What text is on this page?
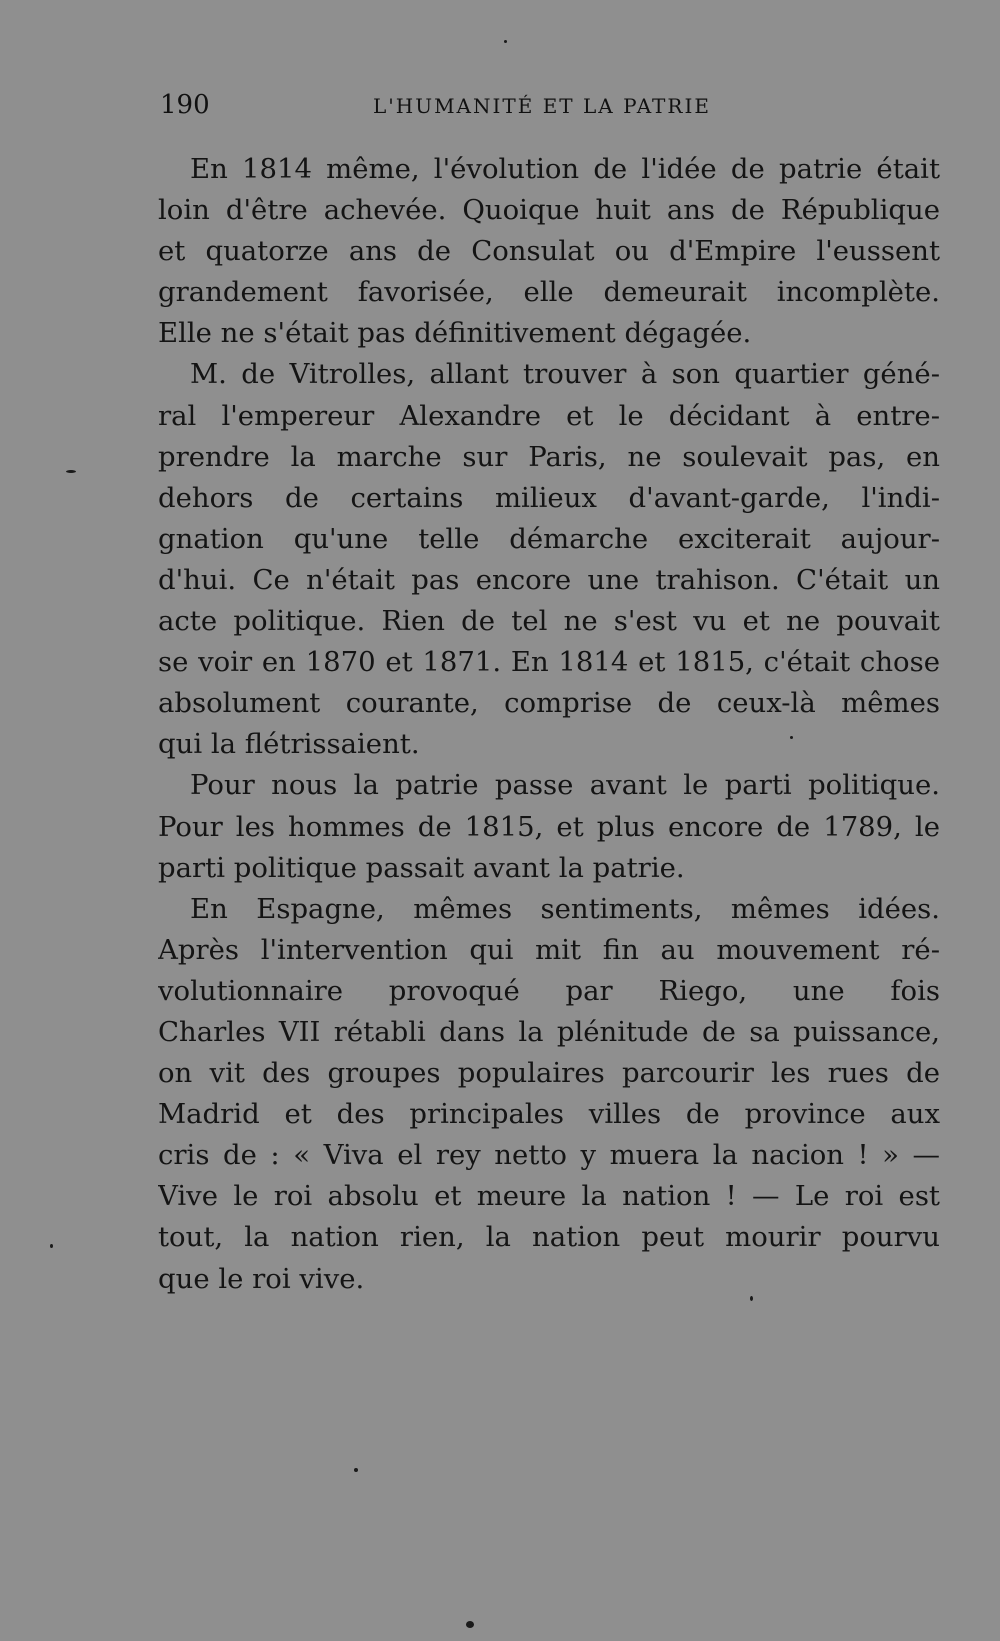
190	L'HUMANITÉ ET LA PATRIE
En 1814 même, l'évolution de l'idée de patrie était
loin d'être achevée. Quoique huit ans de République
et quatorze ans de Consulat ou d'Empire l'eussent
grandement favorisée, elle demeurait incomplète.
Elle ne s'était pas définitivement dégagée.
M. de Vitrolles, allant trouver à son quartier géné-
ral l'empereur Alexandre et le décidant à entre-
prendre la marche sur Paris, ne soulevait pas, en
dehors de certains milieux d'avant-garde, l'indi-
gnation qu'une telle démarche exciterait aujour-
d'hui. Ce n'était pas encore une trahison. C'était un
acte politique. Rien de tel ne s'est vu et ne pouvait
se voir en 1870 et 1871. En 1814 et 1815, c'était chose
absolument courante, comprise de ceux-là mêmes
qui la flétrissaient.
Pour nous la patrie passe avant le parti politique.
Pour les hommes de 1815, et plus encore de 1789, le
parti politique passait avant la patrie.
En Espagne, mêmes sentiments, mêmes idées.
Après l'intervention qui mit fin au mouvement ré-
volutionnaire provoqué par Riego, une fois
Charles VII rétabli dans la plénitude de sa puissance,
on vit des groupes populaires parcourir les rues de
Madrid et des principales villes de province aux
cris de : « Viva el rey netto y muera la nacion ! » —
Vive le roi absolu et meure la nation ! — Le roi est
tout, la nation rien, la nation peut mourir pourvu
que le roi vive.
